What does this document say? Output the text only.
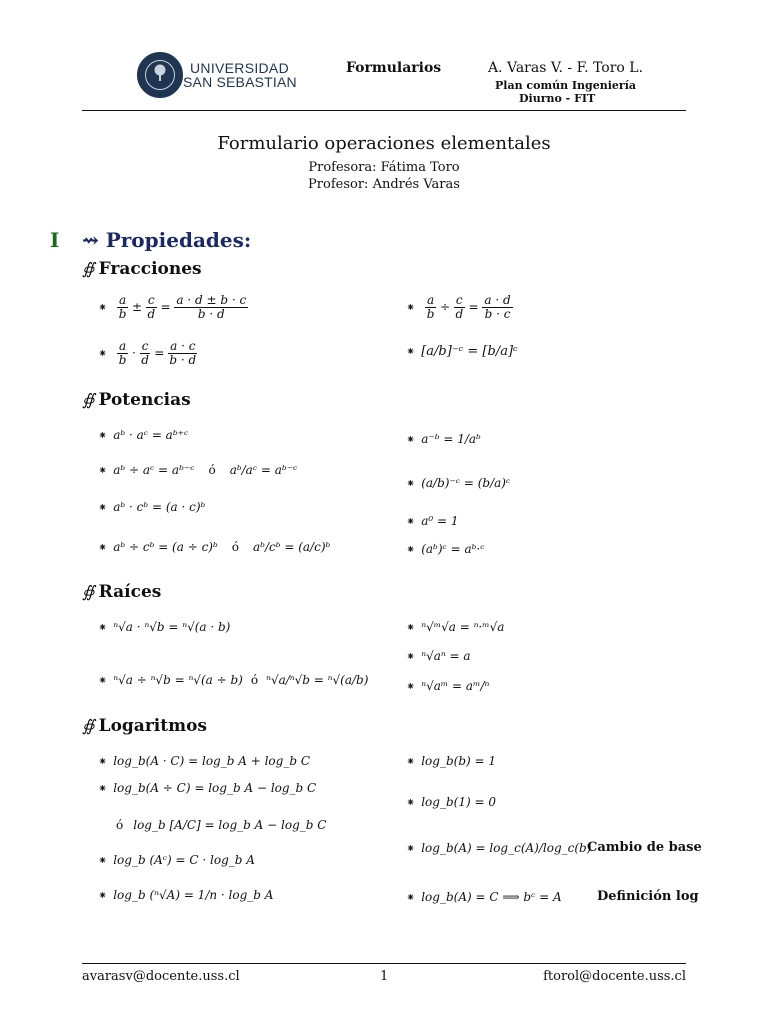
UNIVERSIDAD
SAN SEBASTIAN
Formularios	A. Varas V. - F. Toro L.
Plan común Ingeniería
Diurno - FIT
Formulario operaciones elementales
Profesora: Fátima Toro
Profesor: Andrés Varas
I ⇝ Propiedades:
∯ Fracciones
⁕ $\frac{a}{b} \pm \frac{c}{d} = \frac{a \cdot d \pm b \cdot c}{b \cdot d}$	⁕ $\frac{a}{b} \div \frac{c}{d} = \frac{a \cdot d}{b \cdot c}$
⁕ $\frac{a}{b} \cdot \frac{c}{d} = \frac{a \cdot c}{b \cdot d}$	⁕ [a/b]⁻ᶜ = [b/a]ᶜ
∯ Potencias
⁕ aᵇ · aᶜ = aᵇ⁺ᶜ
⁕ aᵇ ÷ aᶜ = aᵇ⁻ᶜ ó aᵇ/aᶜ = aᵇ⁻ᶜ
⁕ aᵇ · cᵇ = (a · c)ᵇ
⁕ aᵇ ÷ cᵇ = (a ÷ c)ᵇ ó aᵇ/cᵇ = (a/c)ᵇ
⁕ a⁻ᵇ = 1/aᵇ
⁕ (a/b)⁻ᶜ = (b/a)ᶜ
⁕ a⁰ = 1
⁕ (aᵇ)ᶜ = aᵇ·ᶜ
∯ Raíces
⁕ ⁿ√a · ⁿ√b = ⁿ√(a · b)
⁕ ⁿ√a ÷ ⁿ√b = ⁿ√(a ÷ b) ó ⁿ√a/ⁿ√b = ⁿ√(a/b)
⁕ ⁿ√ᵐ√a = ⁿ·ᵐ√a
⁕ ⁿ√aⁿ = a
⁕ ⁿ√aᵐ = aᵐ/ⁿ
∯ Logaritmos
⁕ log_b(A · C) = log_b A + log_b C
⁕ log_b(A ÷ C) = log_b A − log_b C
ó log_b [A/C] = log_b A − log_b C
⁕ log_b (Aᶜ) = C · log_b A
⁕ log_b (ⁿ√A) = 1/n · log_b A
⁕ log_b(b) = 1
⁕ log_b(1) = 0
⁕ log_b(A) = log_c(A)/log_c(b)
Cambio de base
⁕ log_b(A) = C ⟹ bᶜ = A	Definición log
avarasv@docente.uss.cl	1	ftorol@docente.uss.cl
